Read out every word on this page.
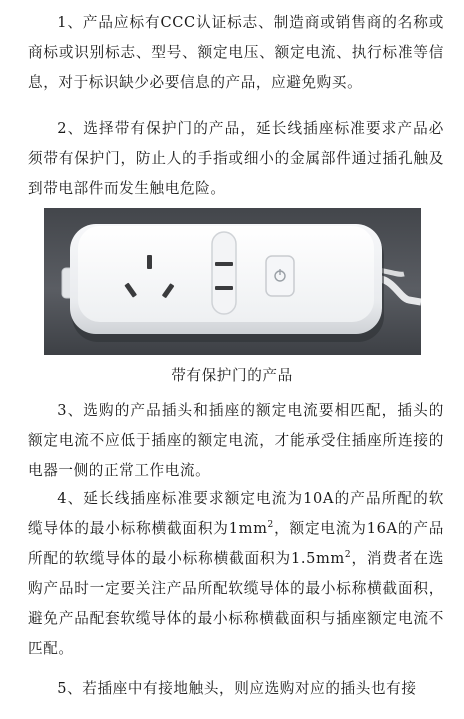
1、产品应标有CCC认证标志、制造商或销售商的名称或商标或识别标志、型号、额定电压、额定电流、执行标准等信息，对于标识缺少必要信息的产品，应避免购买。

2、选择带有保护门的产品，延长线插座标准要求产品必须带有保护门，防止人的手指或细小的金属部件通过插孔触及到带电部件而发生触电危险。

带有保护门的产品

3、选购的产品插头和插座的额定电流要相匹配，插头的额定电流不应低于插座的额定电流，才能承受住插座所连接的电器一侧的正常工作电流。

4、延长线插座标准要求额定电流为10A的产品所配的软缆导体的最小标称横截面积为$1mm^2$，额定电流为16A的产品所配的软缆导体的最小标称横截面积为$1.5mm^2$，消费者在选购产品时一定要关注产品所配软缆导体的最小标称横截面积，避免产品配套软缆导体的最小标称横截面积与插座额定电流不匹配。

5、若插座中有接地触头，则应选购对应的插头也有接
